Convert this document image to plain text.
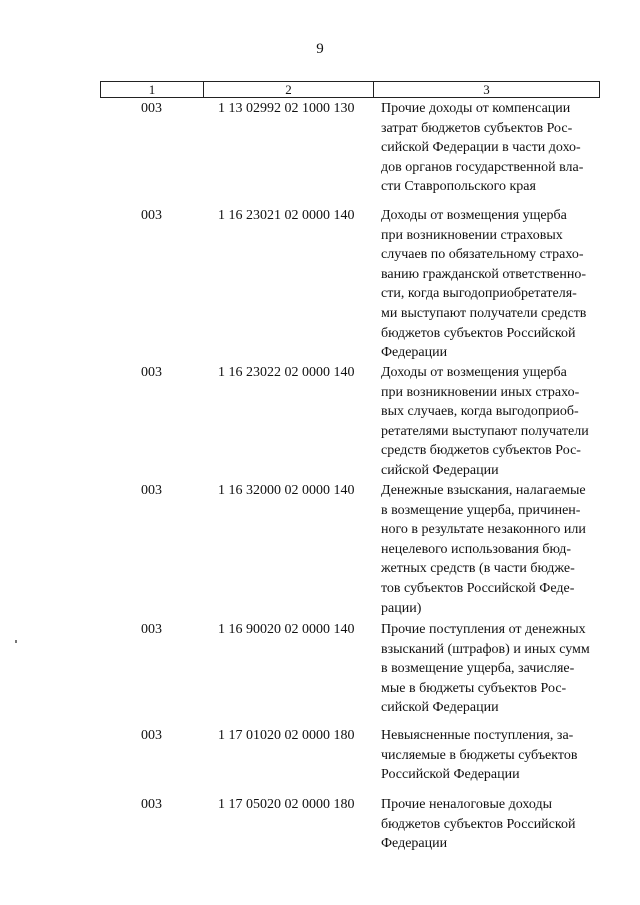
9
1	2	3
003	1 13 02992 02 1000 130 Прочие доходы от компенсации
затрат бюджетов субъектов Рос-
сийской Федерации в части дохо-
дов органов государственной вла-
сти Ставропольского края
003	1 16 23021 02 0000 140 Доходы от возмещения ущерба
при возникновении страховых
случаев по обязательному страхо-
ванию гражданской ответственно-
сти, когда выгодоприобретателя-
ми выступают получатели средств
бюджетов субъектов Российской
Федерации
003	1 16 23022 02 0000 140 Доходы от возмещения ущерба
при возникновении иных страхо-
вых случаев, когда выгодоприоб-
ретателями выступают получатели
средств бюджетов субъектов Рос-
сийской Федерации
003	1 16 32000 02 0000 140 Денежные взыскания, налагаемые
в возмещение ущерба, причинен-
ного в результате незаконного или
нецелевого использования бюд-
жетных средств (в части бюдже-
тов субъектов Российской Феде-
рации)
003	1 16 90020 02 0000 140 Прочие поступления от денежных
взысканий (штрафов) и иных сумм
в возмещение ущерба, зачисляе-
мые в бюджеты субъектов Рос-
сийской Федерации
003	1 17 01020 02 0000 180 Невыясненные поступления, за-
числяемые в бюджеты субъектов
Российской Федерации
003	1 17 05020 02 0000 180 Прочие неналоговые доходы
бюджетов субъектов Российской
Федерации
